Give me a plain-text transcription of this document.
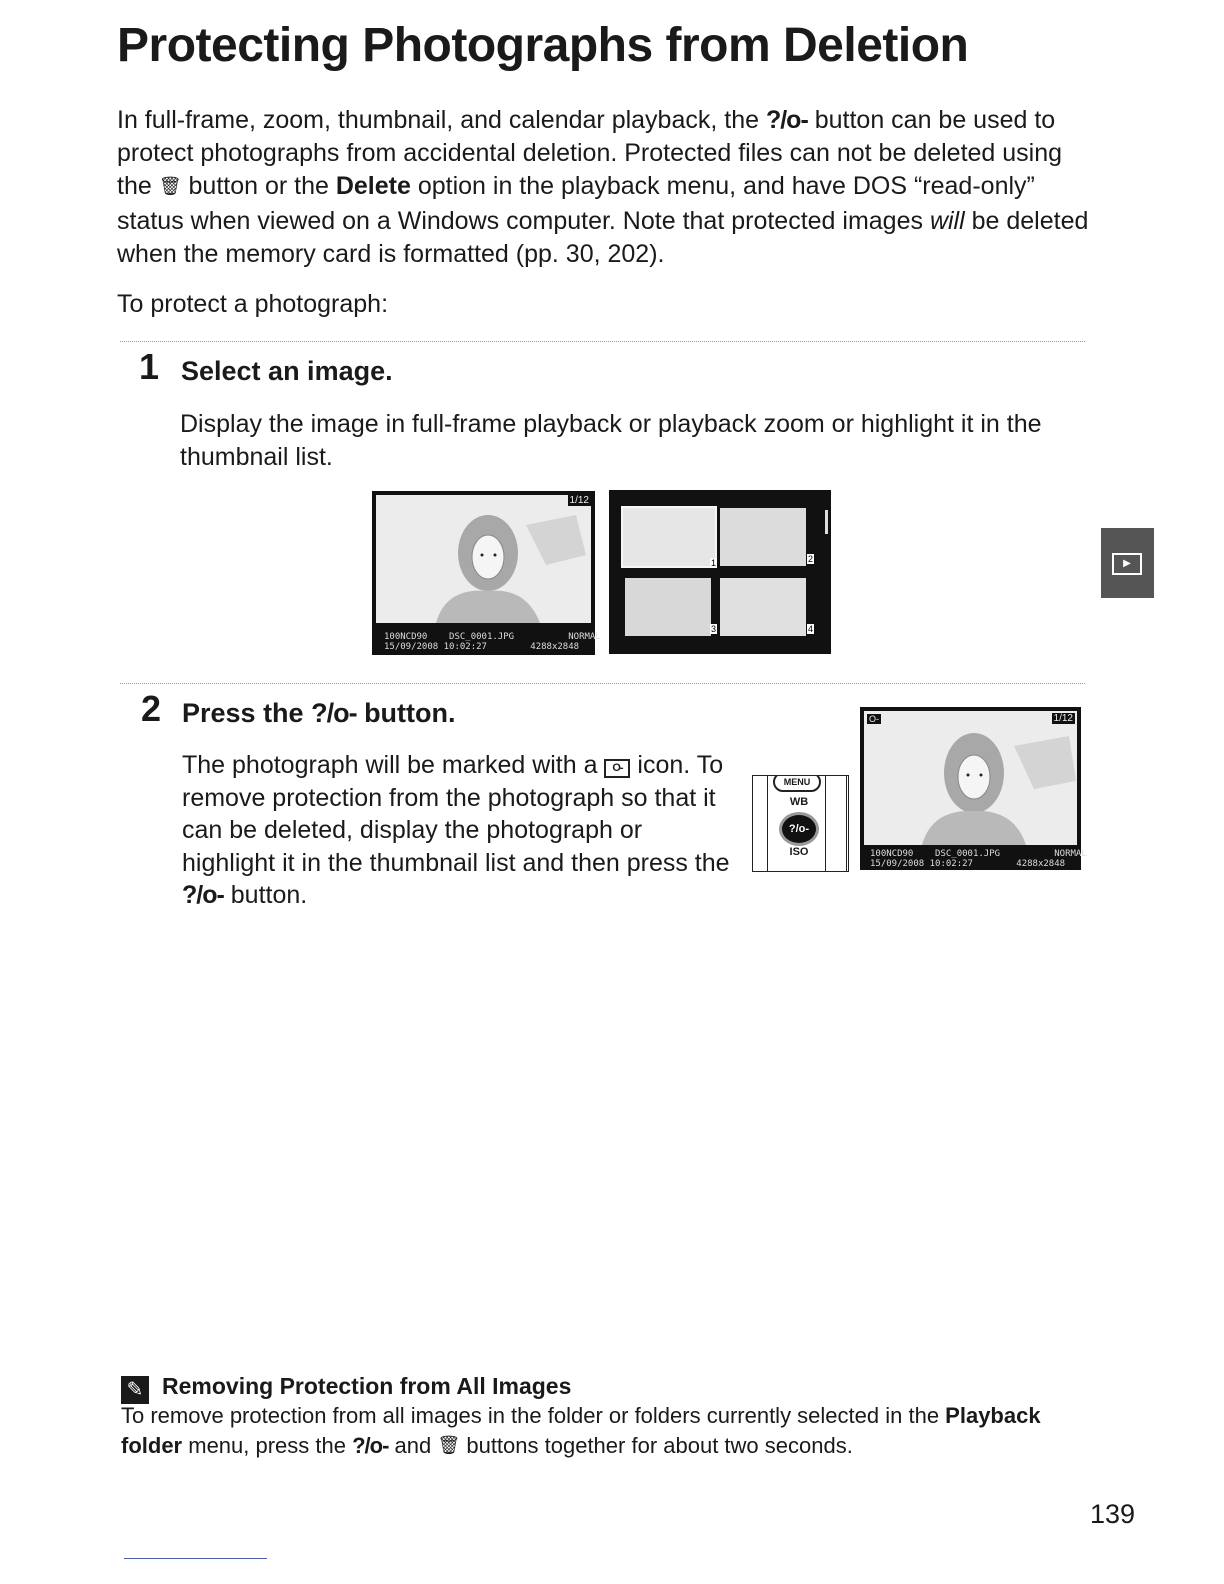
Protecting Photographs from Deletion

In full-frame, zoom, thumbnail, and calendar playback, the ?/o- button can be used to protect photographs from accidental deletion. Protected files can not be deleted using the 🗑 button or the Delete option in the playback menu, and have DOS “read-only” status when viewed on a Windows computer. Note that protected images will be deleted when the memory card is formatted (pp. 30, 202).

To protect a photograph:

1 Select an image.
Display the image in full-frame playback or playback zoom or highlight it in the thumbnail list.
1/12
100NCD90    DSC_0001.JPG          NORMAL
15/09/2008 10:02:27        4288x2848
1	2
3	4
2 Press the ?/o- button.
The photograph will be marked with a O- icon. To remove protection from the photograph so that it can be deleted, display the photograph or highlight it in the thumbnail list and then press the ?/o- button.
MENU
WB
?/o-
ISO
O-	1/12
100NCD90    DSC_0001.JPG          NORMAL
15/09/2008 10:02:27        4288x2848
▶
✎ Removing Protection from All Images
To remove protection from all images in the folder or folders currently selected in the Playback folder menu, press the ?/o- and 🗑 buttons together for about two seconds.
139
